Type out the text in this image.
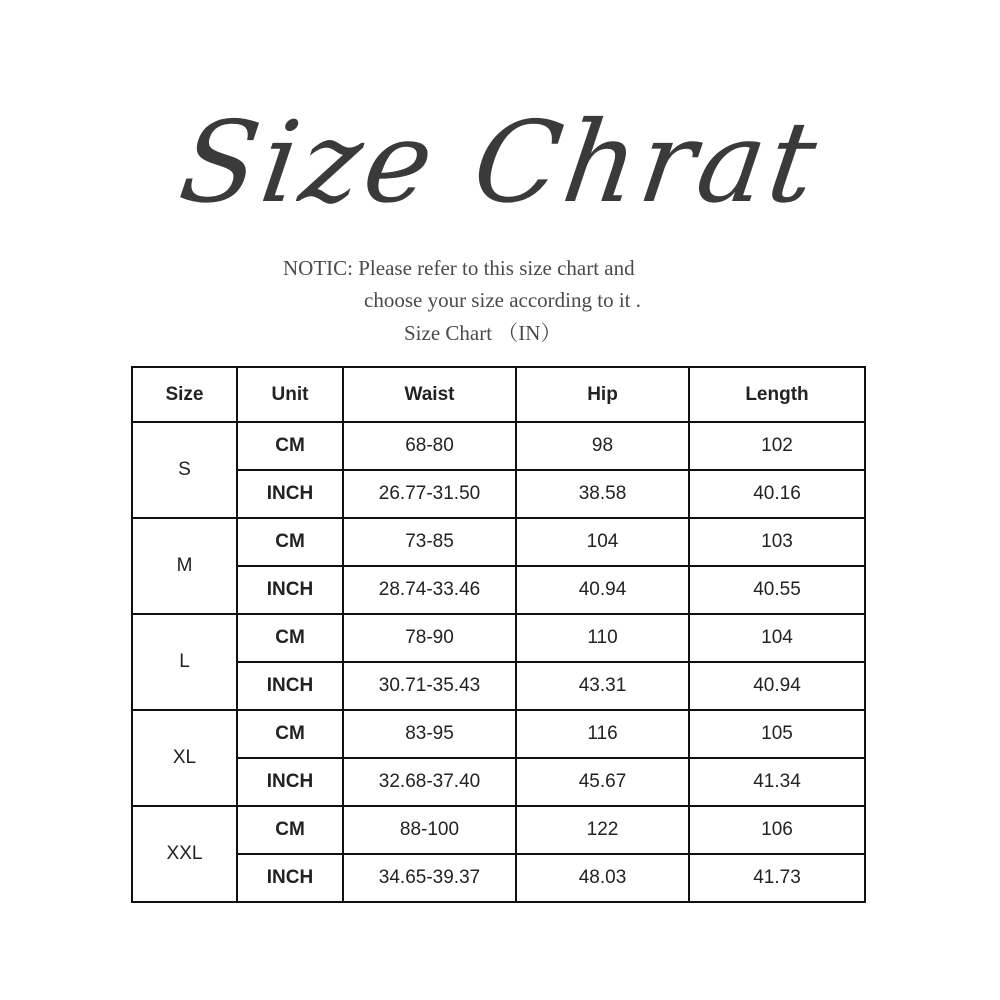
Size Chrat
NOTIC: Please refer to this size chart and
choose your size according to it .
Size Chart （IN）
Size	Unit	Waist	Hip	Length
S	CM	68-80	98	102
	INCH	26.77-31.50	38.58	40.16
M	CM	73-85	104	103
	INCH	28.74-33.46	40.94	40.55
L	CM	78-90	110	104
	INCH	30.71-35.43	43.31	40.94
XL	CM	83-95	116	105
	INCH	32.68-37.40	45.67	41.34
XXL	CM	88-100	122	106
	INCH	34.65-39.37	48.03	41.73
